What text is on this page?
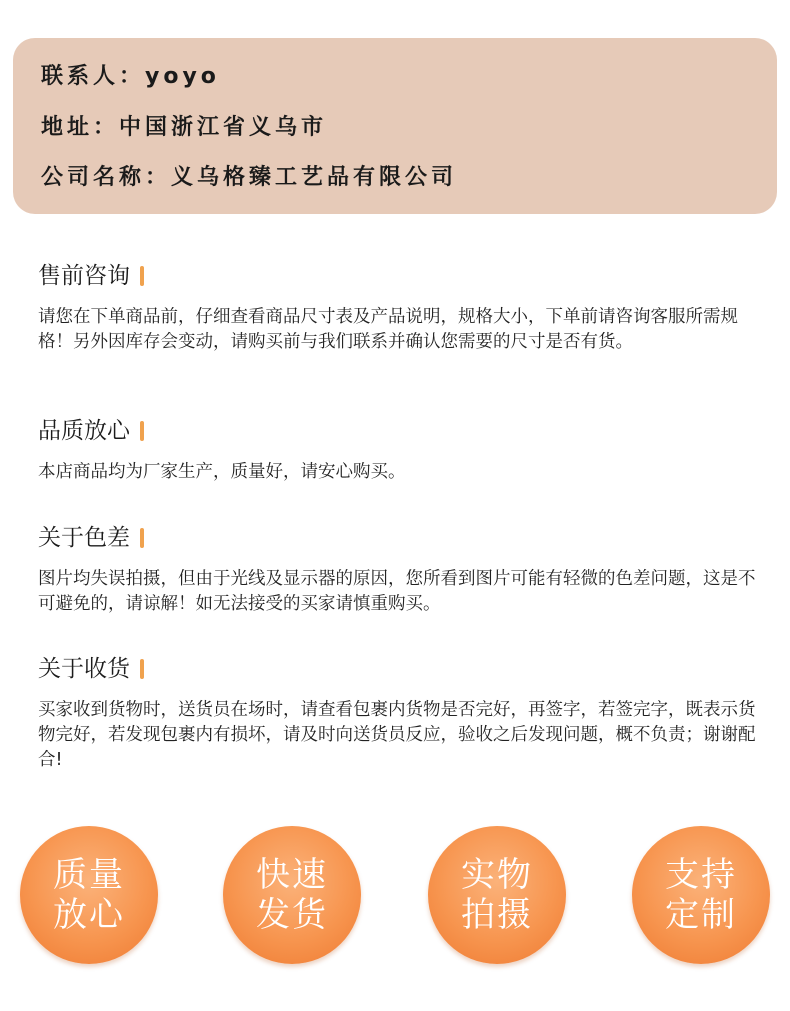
联系人：yoyo
地址：中国浙江省义乌市
公司名称：义乌格臻工艺品有限公司
售前咨询
请您在下单商品前，仔细查看商品尺寸表及产品说明，规格大小，下单前请咨询客服所需规格！另外因库存会变动，请购买前与我们联系并确认您需要的尺寸是否有货。
品质放心
本店商品均为厂家生产，质量好，请安心购买。
关于色差
图片均失误拍摄，但由于光线及显示器的原因，您所看到图片可能有轻微的色差问题，这是不可避免的，请谅解！如无法接受的买家请慎重购买。
关于收货
买家收到货物时，送货员在场时，请查看包裹内货物是否完好，再签字，若签完字，既表示货物完好，若发现包裹内有损坏，请及时向送货员反应，验收之后发现问题，概不负责；谢谢配合!
质量
放心
快速
发货
实物
拍摄
支持
定制
